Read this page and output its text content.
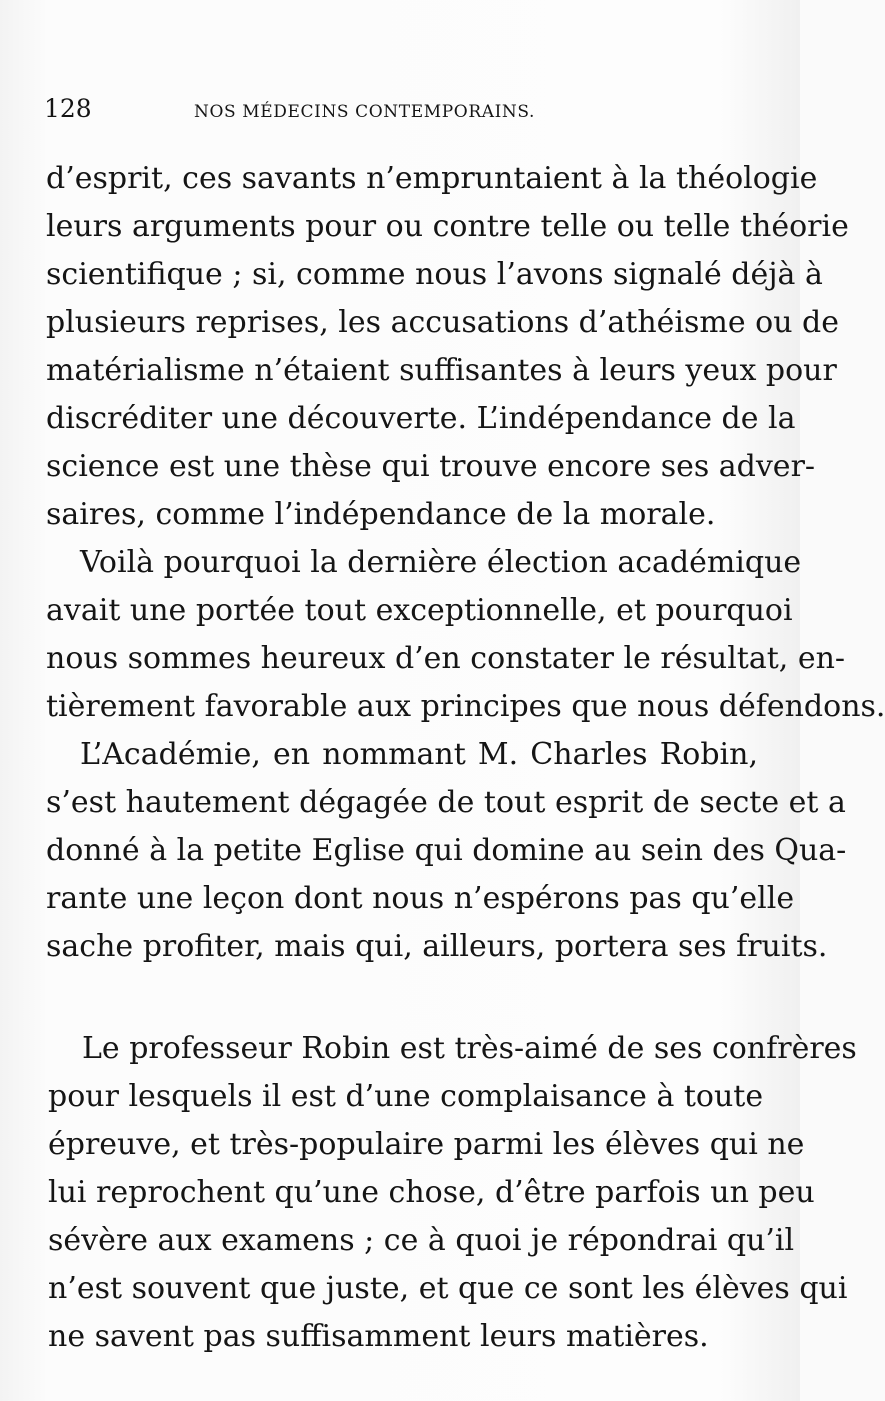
128	NOS MÉDECINS CONTEMPORAINS.
d’esprit, ces savants n’empruntaient à la théologie
leurs arguments pour ou contre telle ou telle théorie
scientifique ; si, comme nous l’avons signalé déjà à
plusieurs reprises, les accusations d’athéisme ou de
matérialisme n’étaient suffisantes à leurs yeux pour
discréditer une découverte. L’indépendance de la
science est une thèse qui trouve encore ses adver-
saires, comme l’indépendance de la morale.
Voilà pourquoi la dernière élection académique
avait une portée tout exceptionnelle, et pourquoi
nous sommes heureux d’en constater le résultat, en-
tièrement favorable aux principes que nous défendons.
L’Académie, en nommant M. Charles Robin,
s’est hautement dégagée de tout esprit de secte et a
donné à la petite Eglise qui domine au sein des Qua-
rante une leçon dont nous n’espérons pas qu’elle
sache profiter, mais qui, ailleurs, portera ses fruits.
Le professeur Robin est très-aimé de ses confrères
pour lesquels il est d’une complaisance à toute
épreuve, et très-populaire parmi les élèves qui ne
lui reprochent qu’une chose, d’être parfois un peu
sévère aux examens ; ce à quoi je répondrai qu’il
n’est souvent que juste, et que ce sont les élèves qui
ne savent pas suffisamment leurs matières.
